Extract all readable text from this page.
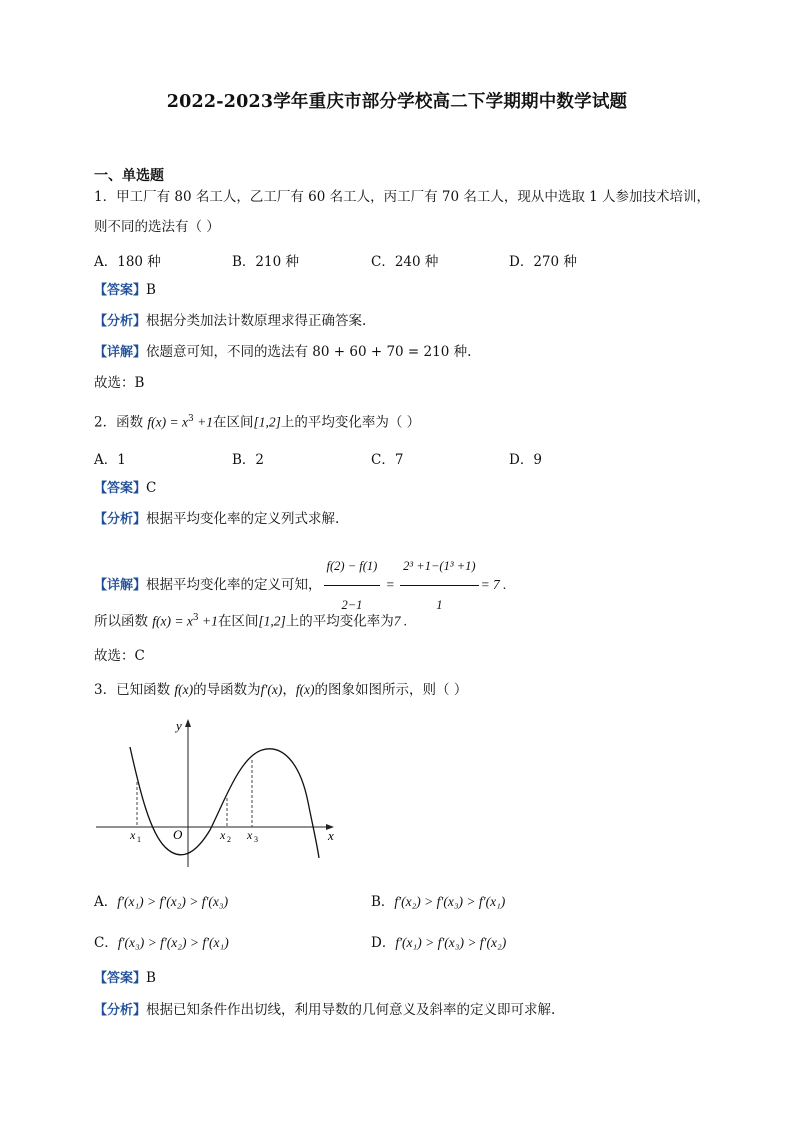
2022-2023学年重庆市部分学校高二下学期期中数学试题
一、单选题
1．甲工厂有 80 名工人，乙工厂有 60 名工人，丙工厂有 70 名工人，现从中选取 1 人参加技术培训，
则不同的选法有（ ）
A．180 种	B．210 种	C．240 种	D．270 种
【答案】B
【分析】根据分类加法计数原理求得正确答案.
【详解】依题意可知，不同的选法有 80 + 60 + 70 = 210 种.
故选：B
2．函数 $f(x) = x^3 +1$在区间[1,2]上的平均变化率为（ ）
A．1	B．2	C．7	D．9
【答案】C
【分析】根据平均变化率的定义列式求解.
【详解】根据平均变化率的定义可知， $\frac{f(2) - f(1)}{2-1} = \frac{\text{2³ +1−(1³ +1)}}{1} = 7$ .
所以函数 $f(x) = x^3 +1$在区间[1,2]上的平均变化率为7 .
故选：C
3．已知函数 f(x)的导函数为f′(x)，f(x)的图象如图所示，则（ ）
y
x
O
x 1	x 2 x 3
A．f′(x₁) > f′(x₂) > f′(x₃)	B．f′(x₂) > f′(x₃) > f′(x₁)
C．f′(x₃) > f′(x₂) > f′(x₁)	D．f′(x₁) > f′(x₃) > f′(x₂)
【答案】B
【分析】根据已知条件作出切线，利用导数的几何意义及斜率的定义即可求解.
